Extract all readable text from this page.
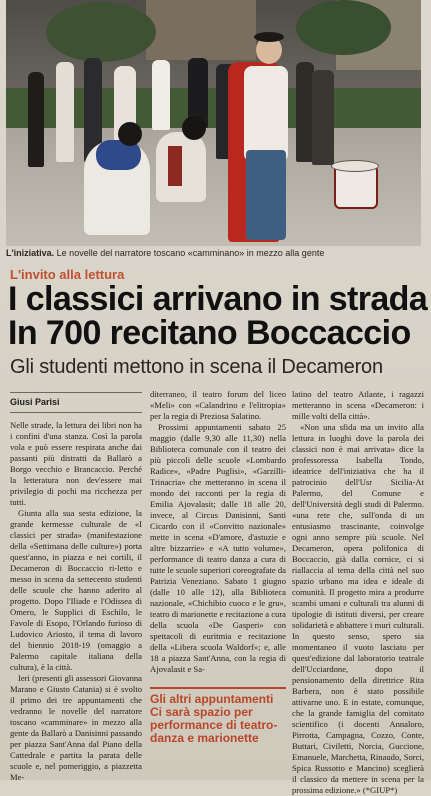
L'iniziativa. Le novelle del narratore toscano «camminano» in mezzo alla gente
L'invito alla lettura
I classici arrivano in strada
In 700 recitano Boccaccio
Gli studenti mettono in scena il Decameron
Giusi Parisi

Nelle strade, la lettura dei libri non ha i confini d'una stanza. Così la parola vola e può essere respirata anche dai passanti più distratti da Ballarò a Borgo vecchio e Brancaccio. Perché la letteratura non dev'essere mai privilegio di pochi ma ricchezza per tutti.

Giunta alla sua sesta edizione, la grande kermesse culturale de «I classici per strada» (manifestazione della «Settimana delle culture») porta quest'anno, in piazza e nei cortili, il Decameron di Boccaccio ri-letto e messo in scena da settecento studenti delle scuole che hanno aderito al progetto. Dopo l'Iliade e l'Odissea di Omero, le Supplici di Eschilo, le Favole di Esopo, l'Orlando furioso di Ludovico Ariosto, il tema di lavoro del biennio 2018-19 (omaggio a Palermo capitale italiana della cultura), è la città.

Ieri (presenti gli assessori Giovanna Marano e Giusto Catania) si è svolto il primo dei tre appuntamenti che vedranno le novelle del narratore toscano «camminare» in mezzo alla gente da Ballarò a Danisinni passando per piazza Sant'Anna dal Piano della Cattedrale e partita la parata delle scuole e, nel pomeriggio, a piazzetta Me-

diterraneo, il teatro forum del liceo «Meli» con «Calandrino e l'elitropia» per la regia di Preziosa Salatino.

Prossimi appuntamenti sabato 25 maggio (dalle 9,30 alle 11,30) nella Biblioteca comunale con il teatro dei più piccoli delle scuole «Lombardo Radice», «Padre Puglisi», «Garzilli-Trinacria» che metteranno in scena il mondo dei racconti per la regia di Emilia Ajovalasit; dalle 18 alle 20, invece, al Circus Danisinni, Santi Cicardo con il «Convitto nazionale» mette in scena «D'amore, d'astuzie e altre bizzarrie» e «A tutto volume», performance di teatro danza a cura di tutte le scuole superiori coreografate da Patrizia Veneziano. Sabato 1 giugno (dalle 10 alle 12), alla Biblioteca nazionale, «Chichibio cuoco e le gru», teatro di marionette e recitazione a cura della scuola «De Gasperi» con spettacoli di euritmia e recitazione della «Libera scuola Waldorf»; e, alle 18 a piazza Sant'Anna, con la regia di Ajovalasit e Sa-

Gli altri appuntamenti Ci sarà spazio per performance di teatro-danza e marionette

latino del teatro Atlante, i ragazzi metteranno in scena «Decameron: i mille volti della città».

«Non una sfida ma un invito alla lettura in luoghi dove la parola dei classici non è mai arrivata» dice la professoressa Isabella Tondo, ideatrice dell'iniziativa che ha il patrocinio dell'Usr Sicilia-At Palermo, del Comune e dell'Università degli studi di Palermo. «una rete che, sull'onda di un entusiasmo trascinante, coinvolge ogni anno sempre più scuole. Nel Decameron, opera polifonica di Boccaccio, già dalla cornice, ci si riallaccia al tema della città nel suo spazio urbano ma idea e ideale di comunità. Il progetto mira a produrre scambi umani e culturali tra alunni di tipologie di istituti diversi, per creare solidarietà e abbattere i muri culturali. In questo senso, spero sia momentaneo il vuoto lasciato per quest'edizione dal laboratorio teatrale dell'Ucciardone, dopo il pensionamento della direttrice Rita Barbera, non è stato possibile attivarne uno. E in estate, comunque, che la grande famiglia del comitato scientifico (i docenti Annaloro, Pirrotta, Campagna, Cozzo, Conte, Buttari, Civiletti, Norcia, Guccione, Emanuele, Marchetta, Rinaudo, Sorci, Spica Russotto e Mancino) sceglierà il classico da mettere in scena per la prossima edizione.» (*GIUP*)
